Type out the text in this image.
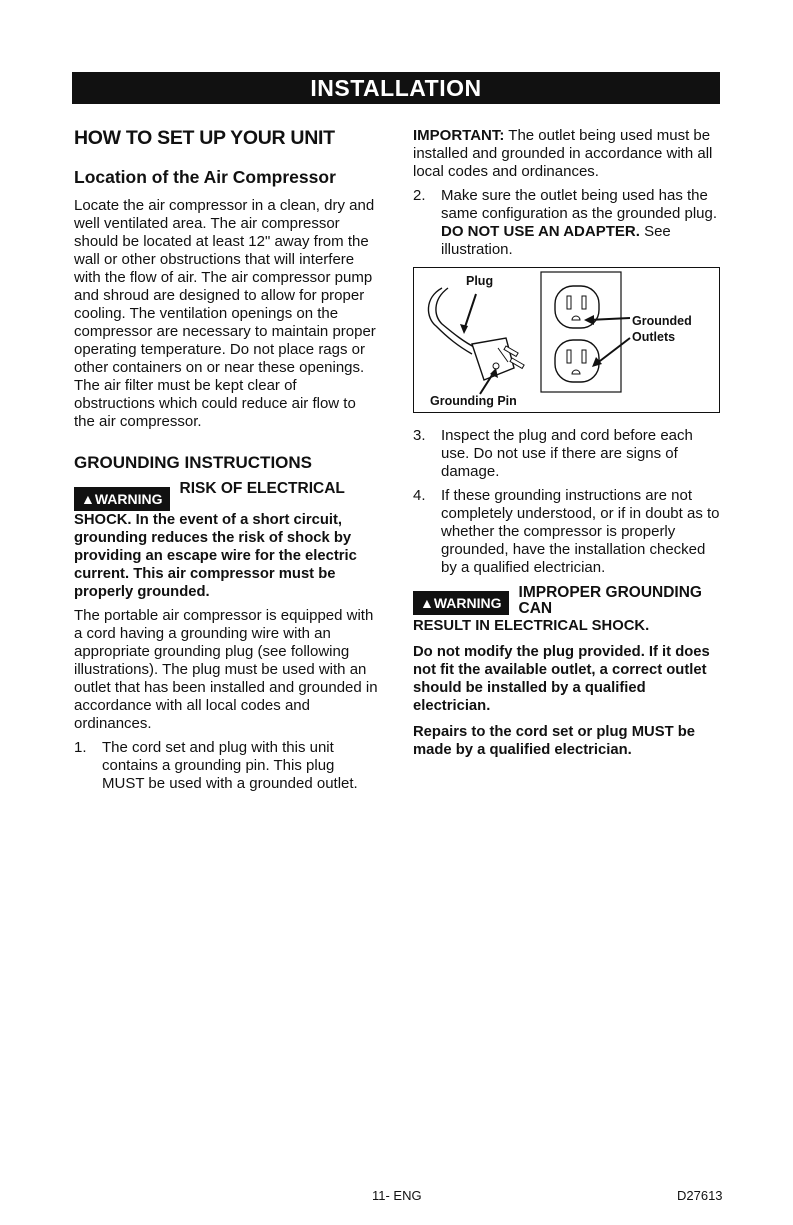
INSTALLATION
HOW TO SET UP YOUR UNIT
Location of the Air Compressor

Locate the air compressor in a clean, dry and well ventilated area. The air compressor should be located at least 12" away from the wall or other obstructions that will interfere with the flow of air. The air compressor pump and shroud are designed to allow for proper cooling. The ventilation openings on the compressor are necessary to maintain proper operating temperature. Do not place rags or other containers on or near these openings. The air filter must be kept clear of obstructions which could reduce air flow to the air compressor.

GROUNDING INSTRUCTIONS
▲WARNING
RISK OF ELECTRICAL

SHOCK. In the event of a short circuit, grounding reduces the risk of shock by providing an escape wire for the electric current. This air compressor must be properly grounded.

The portable air compressor is equipped with a cord having a grounding wire with an appropriate grounding plug (see following illustrations). The plug must be used with an outlet that has been installed and grounded in accordance with all local codes and ordinances.

1.	The cord set and plug with this unit contains a grounding pin. This plug MUST be used with a grounded outlet.

IMPORTANT: The outlet being used must be installed and grounded in accordance with all local codes and ordinances.

2.	Make sure the outlet being used has the same configuration as the grounded plug. DO NOT USE AN ADAPTER. See illustration.
Plug
Grounded
Outlets
Grounding Pin
3.	Inspect the plug and cord before each use. Do not use if there are signs of damage.
4.	If these grounding instructions are not completely understood, or if in doubt as to whether the compressor is properly grounded, have the installation checked by a qualified electrician.
▲WARNING
IMPROPER GROUNDING CAN

RESULT IN ELECTRICAL SHOCK.

Do not modify the plug provided. If it does not fit the available outlet, a correct outlet should be installed by a qualified electrician.

Repairs to the cord set or plug MUST be made by a qualified electrician.

11- ENG	D27613
